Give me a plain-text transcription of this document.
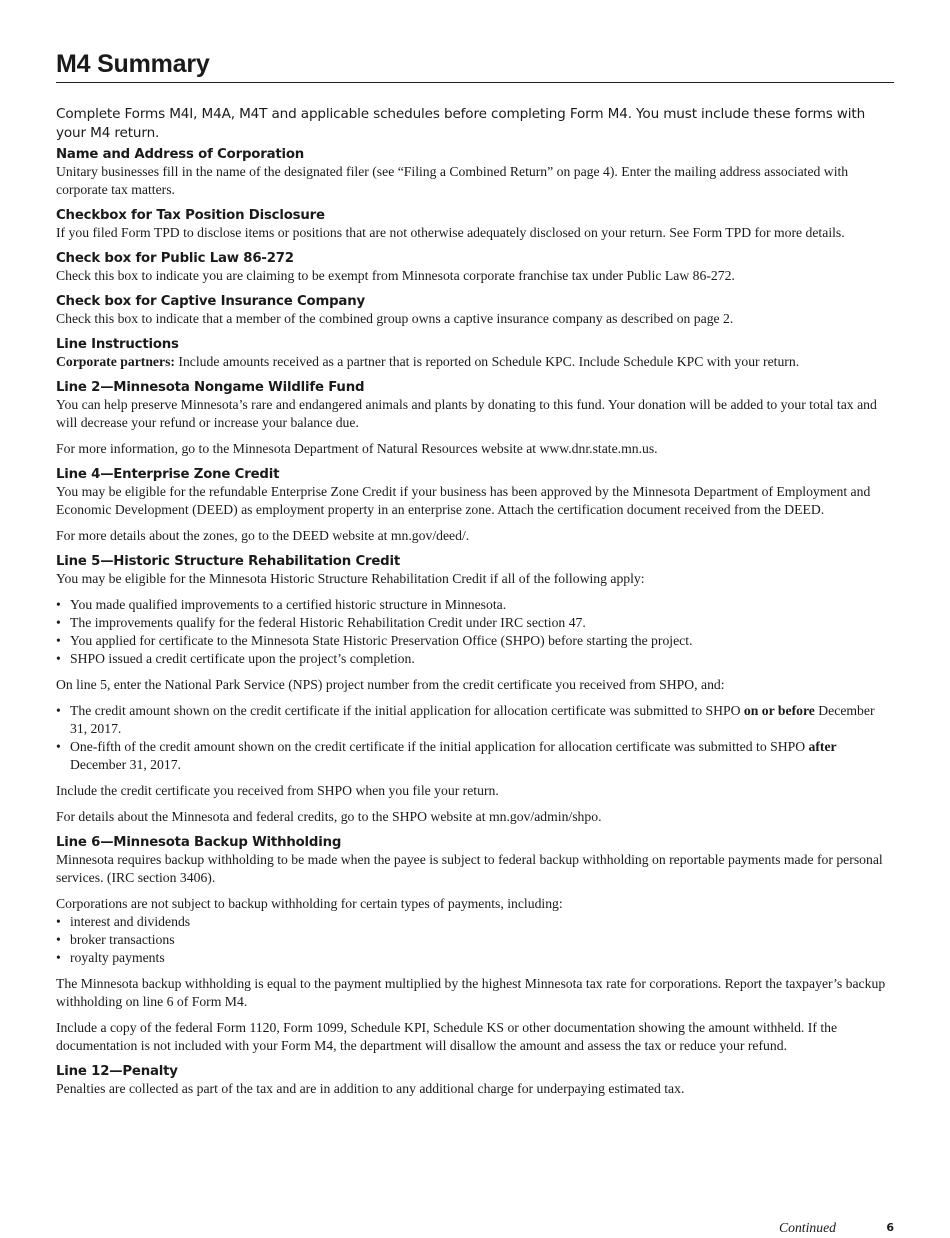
M4 Summary

Complete Forms M4I, M4A, M4T and applicable schedules before completing Form M4. You must include these forms with your M4 return.

Name and Address of Corporation

Unitary businesses fill in the name of the designated filer (see “Filing a Combined Return” on page 4). Enter the mailing address associated with corporate tax matters.

Checkbox for Tax Position Disclosure

If you filed Form TPD to disclose items or positions that are not otherwise adequately disclosed on your return. See Form TPD for more details.

Check box for Public Law 86-272

Check this box to indicate you are claiming to be exempt from Minnesota corporate franchise tax under Public Law 86-272.

Check box for Captive Insurance Company

Check this box to indicate that a member of the combined group owns a captive insurance company as described on page 2.

Line Instructions

Corporate partners: Include amounts received as a partner that is reported on Schedule KPC. Include Schedule KPC with your return.

Line 2—Minnesota Nongame Wildlife Fund

You can help preserve Minnesota’s rare and endangered animals and plants by donating to this fund. Your donation will be added to your total tax and will decrease your refund or increase your balance due.

For more information, go to the Minnesota Department of Natural Resources website at www.dnr.state.mn.us.

Line 4—Enterprise Zone Credit

You may be eligible for the refundable Enterprise Zone Credit if your business has been approved by the Minnesota Department of Employment and Economic Development (DEED) as employment property in an enterprise zone. Attach the certification document received from the DEED.

For more details about the zones, go to the DEED website at mn.gov/deed/.

Line 5—Historic Structure Rehabilitation Credit

You may be eligible for the Minnesota Historic Structure Rehabilitation Credit if all of the following apply:

• You made qualified improvements to a certified historic structure in Minnesota.
• The improvements qualify for the federal Historic Rehabilitation Credit under IRC section 47.
• You applied for certificate to the Minnesota State Historic Preservation Office (SHPO) before starting the project.
• SHPO issued a credit certificate upon the project’s completion.

On line 5, enter the National Park Service (NPS) project number from the credit certificate you received from SHPO, and:

• The credit amount shown on the credit certificate if the initial application for allocation certificate was submitted to SHPO on or before December 31, 2017.
• One-fifth of the credit amount shown on the credit certificate if the initial application for allocation certificate was submitted to SHPO after December 31, 2017.

Include the credit certificate you received from SHPO when you file your return.

For details about the Minnesota and federal credits, go to the SHPO website at mn.gov/admin/shpo.

Line 6—Minnesota Backup Withholding

Minnesota requires backup withholding to be made when the payee is subject to federal backup withholding on reportable payments made for personal services. (IRC section 3406).

Corporations are not subject to backup withholding for certain types of payments, including:

• interest and dividends
• broker transactions
• royalty payments

The Minnesota backup withholding is equal to the payment multiplied by the highest Minnesota tax rate for corporations. Report the taxpayer’s backup withholding on line 6 of Form M4.

Include a copy of the federal Form 1120, Form 1099, Schedule KPI, Schedule KS or other documentation showing the amount withheld. If the documentation is not included with your Form M4, the department will disallow the amount and assess the tax or reduce your refund.

Line 12—Penalty

Penalties are collected as part of the tax and are in addition to any additional charge for underpaying estimated tax.

Continued	6
